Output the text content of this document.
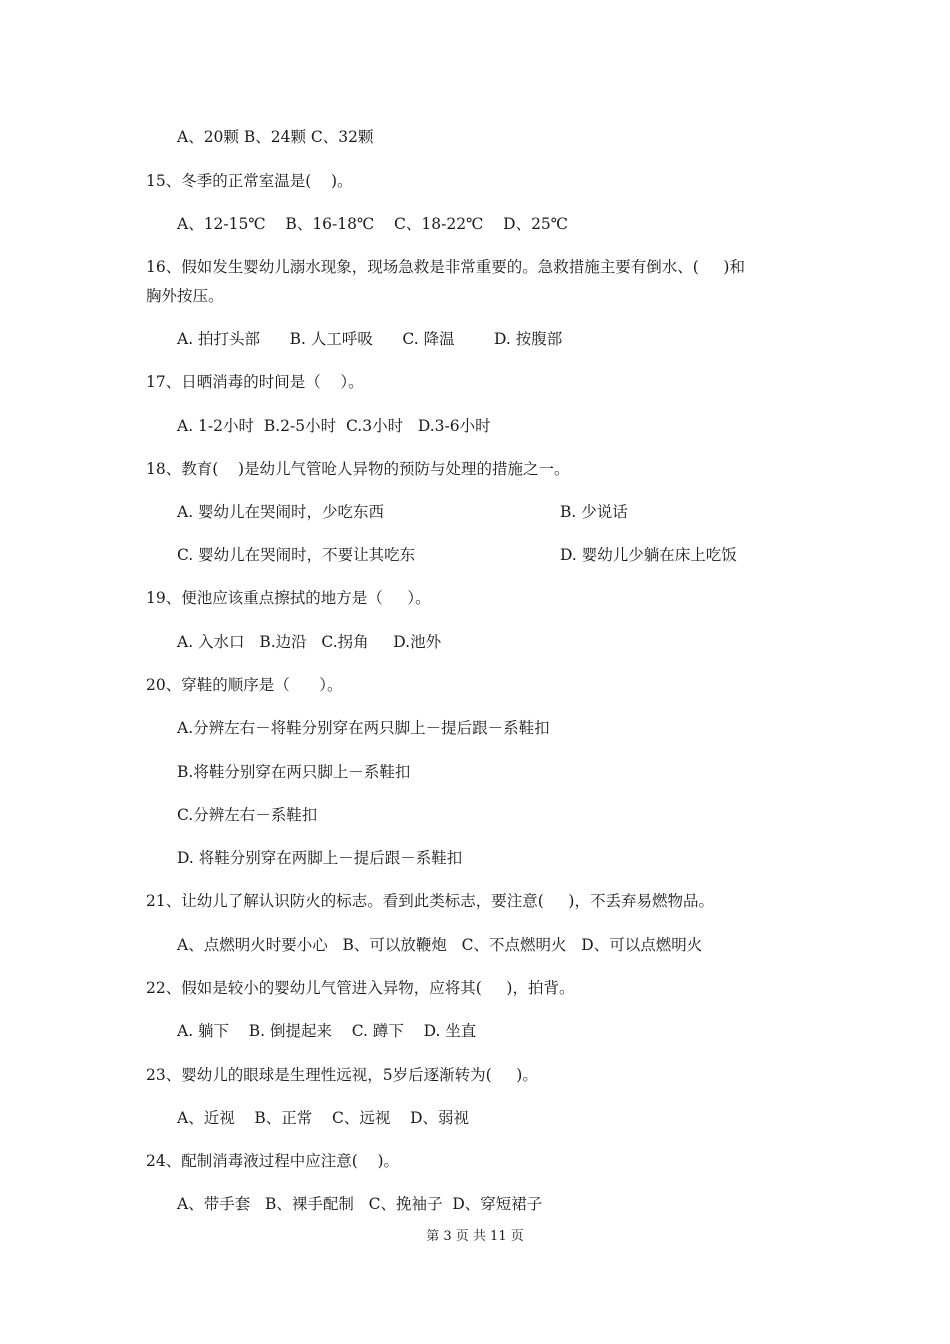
A、20颗 B、24颗 C、32颗
15、冬季的正常室温是(    )。
A、12-15℃    B、16-18℃    C、18-22℃    D、25℃
16、假如发生婴幼儿溺水现象，现场急救是非常重要的。急救措施主要有倒水、(     )和
胸外按压。
A. 拍打头部      B. 人工呼吸      C. 降温        D. 按腹部
17、日晒消毒的时间是（    ）。
A. 1-2小时  B.2-5小时  C.3小时   D.3-6小时
18、教育(    )是幼儿气管呛人异物的预防与处理的措施之一。
A. 婴幼儿在哭闹时，少吃东西	B. 少说话
C. 婴幼儿在哭闹时，不要让其吃东	D. 婴幼儿少躺在床上吃饭
19、便池应该重点擦拭的地方是（     ）。
A. 入水口   B.边沿   C.拐角     D.池外
20、穿鞋的顺序是（      ）。
A.分辨左右－将鞋分别穿在两只脚上－提后跟－系鞋扣
B.将鞋分别穿在两只脚上－系鞋扣
C.分辨左右－系鞋扣
D. 将鞋分别穿在两脚上－提后跟－系鞋扣
21、让幼儿了解认识防火的标志。看到此类标志，要注意(     )，不丢弃易燃物品。
A、点燃明火时要小心   B、可以放鞭炮   C、不点燃明火   D、可以点燃明火
22、假如是较小的婴幼儿气管进入异物，应将其(     )，拍背。
A. 躺下    B. 倒提起来    C. 蹲下    D. 坐直
23、婴幼儿的眼球是生理性远视，5岁后逐渐转为(     )。
A、近视    B、正常    C、远视    D、弱视
24、配制消毒液过程中应注意(    )。
A、带手套   B、裸手配制   C、挽袖子  D、穿短裙子
第 3 页 共 11 页
